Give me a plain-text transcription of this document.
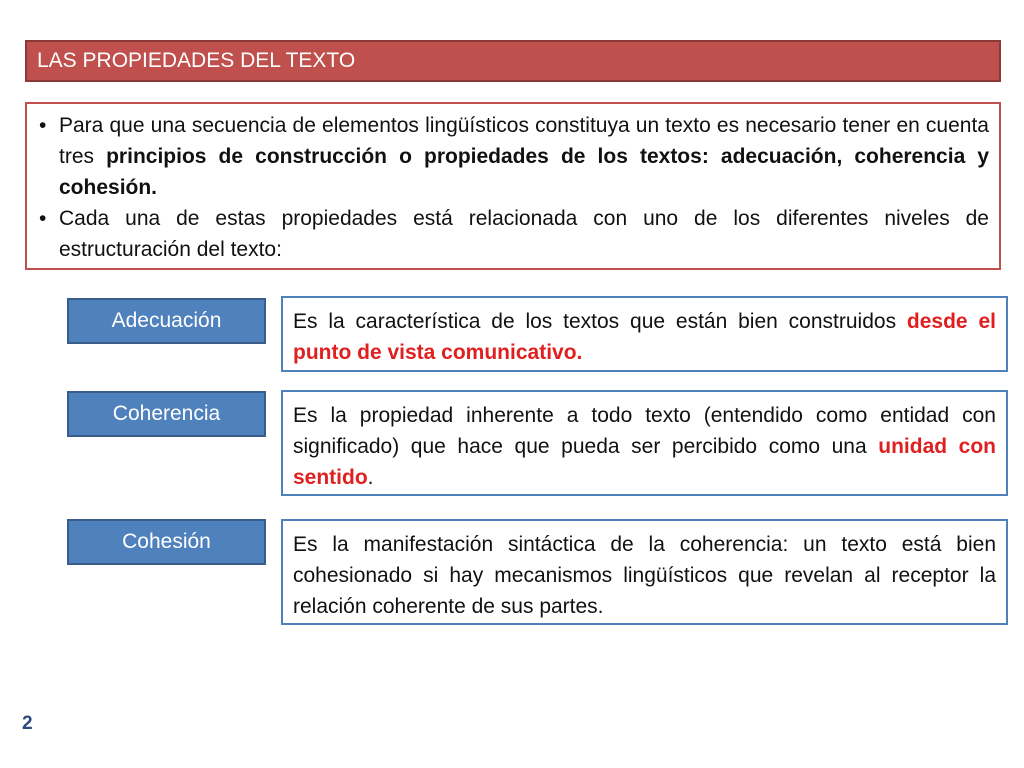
LAS PROPIEDADES DEL TEXTO
• Para que una secuencia de elementos lingüísticos constituya un texto es necesario tener en cuenta tres principios de construcción o propiedades de los textos: adecuación, coherencia y cohesión.
• Cada una de estas propiedades está relacionada con uno de los diferentes niveles de estructuración del texto:
Adecuación	Es la característica de los textos que están bien construidos desde el punto de vista comunicativo.
Coherencia	Es la propiedad inherente a todo texto (entendido como entidad con significado) que hace que pueda ser percibido como una unidad con sentido.
Cohesión	Es la manifestación sintáctica de la coherencia: un texto está bien cohesionado si hay mecanismos lingüísticos que revelan al receptor la relación coherente de sus partes.
2
